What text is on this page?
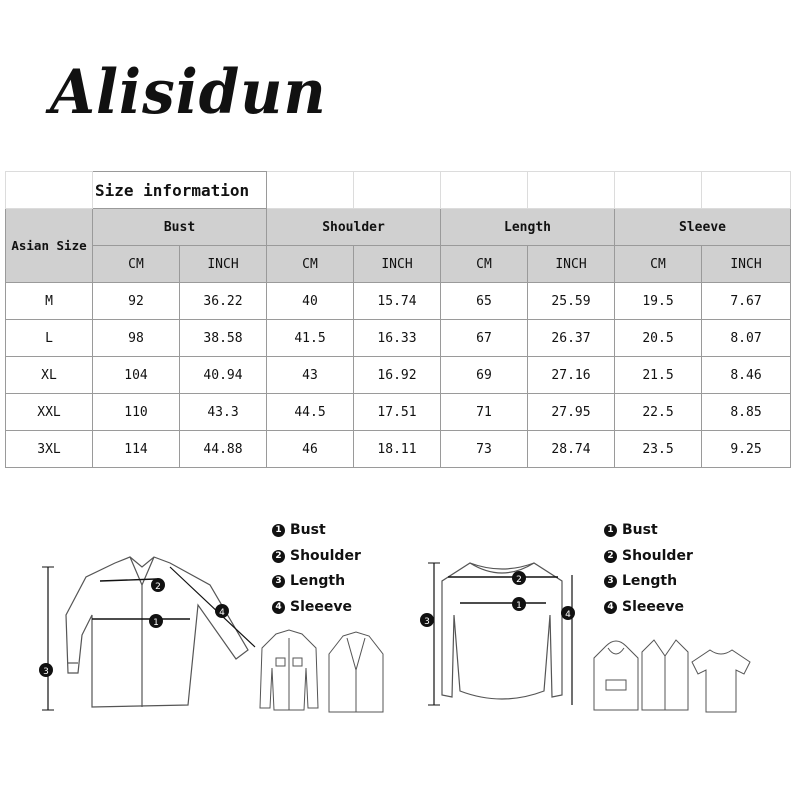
Alisidun
	Size information							
Asian Size	Bust		Shoulder		Length		Sleeve	
	CM	INCH	CM	INCH	CM	INCH	CM	INCH
M	92	36.22	40	15.74	65	25.59	19.5	7.67
L	98	38.58	41.5	16.33	67	26.37	20.5	8.07
XL	104	40.94	43	16.92	69	27.16	21.5	8.46
XXL	110	43.3	44.5	17.51	71	27.95	22.5	8.85
3XL	114	44.88	46	18.11	73	28.74	23.5	9.25
1 Bust
2 Shoulder
3 Length
4 Sleeeve
1 Bust
2 Shoulder
3 Length
4 Sleeeve
1
2
3
4
1
2
3
4
